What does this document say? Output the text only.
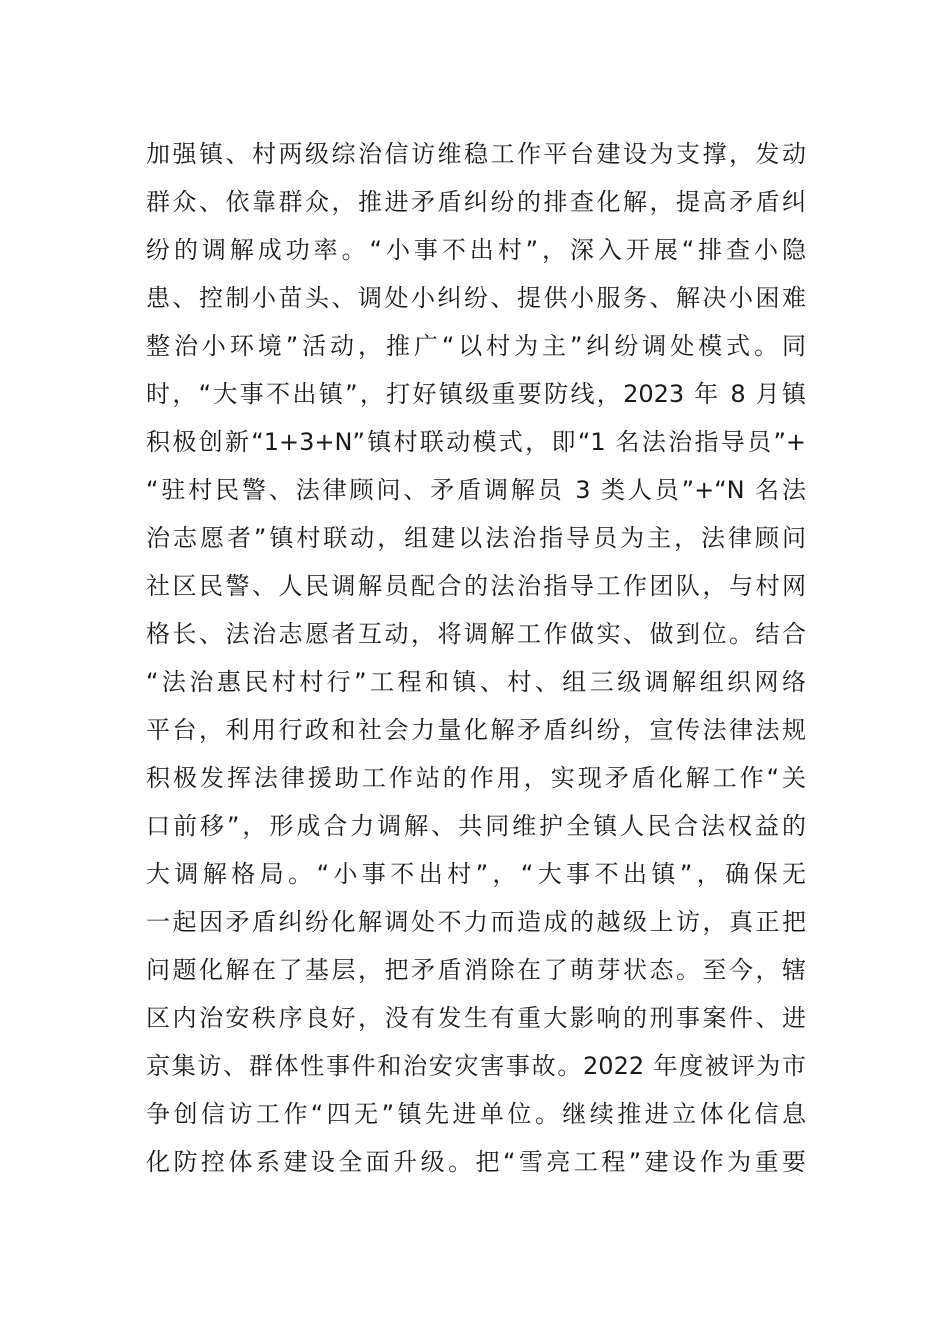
加强镇、村两级综治信访维稳工作平台建设为支撑，发动
群众、依靠群众，推进矛盾纠纷的排查化解，提高矛盾纠
纷的调解成功率。“小事不出村”，深入开展“排查小隐
患、控制小苗头、调处小纠纷、提供小服务、解决小困难
整治小环境”活动，推广“以村为主”纠纷调处模式。同
时，“大事不出镇”，打好镇级重要防线，2023 年 8 月镇
积极创新“1+3+N”镇村联动模式，即“1 名法治指导员”+
“驻村民警、法律顾问、矛盾调解员 3 类人员”+“N 名法
治志愿者”镇村联动，组建以法治指导员为主，法律顾问
社区民警、人民调解员配合的法治指导工作团队，与村网
格长、法治志愿者互动，将调解工作做实、做到位。结合
“法治惠民村村行”工程和镇、村、组三级调解组织网络
平台，利用行政和社会力量化解矛盾纠纷，宣传法律法规
积极发挥法律援助工作站的作用，实现矛盾化解工作“关
口前移”，形成合力调解、共同维护全镇人民合法权益的
大调解格局。“小事不出村”，“大事不出镇”，确保无
一起因矛盾纠纷化解调处不力而造成的越级上访，真正把
问题化解在了基层，把矛盾消除在了萌芽状态。至今，辖
区内治安秩序良好，没有发生有重大影响的刑事案件、进
京集访、群体性事件和治安灾害事故。2022 年度被评为市
争创信访工作“四无”镇先进单位。继续推进立体化信息
化防控体系建设全面升级。把“雪亮工程”建设作为重要
